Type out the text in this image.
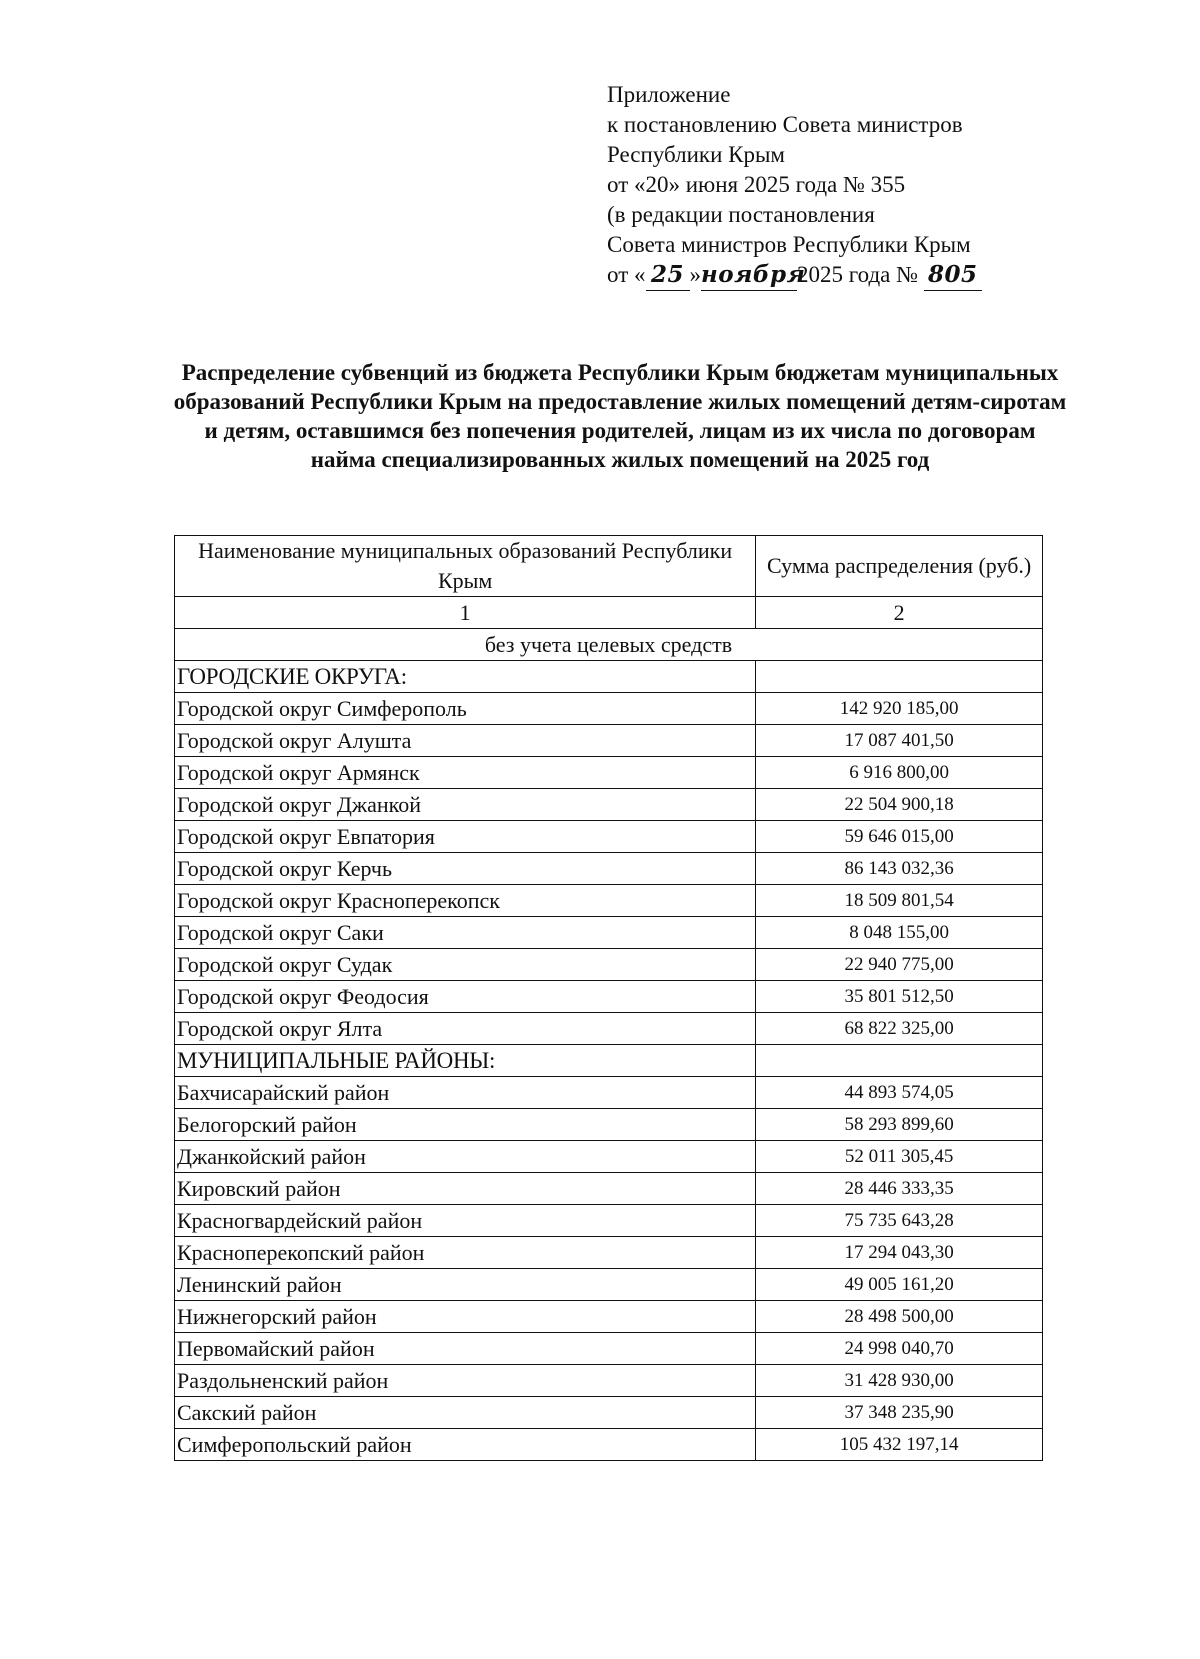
Приложение
к постановлению Совета министров
Республики Крым
от «20» июня 2025 года № 355
(в редакции постановления
Совета министров Республики Крым
от « 25 »ноября2025 года № 805
Распределение субвенций из бюджета Республики Крым бюджетам муниципальных образований Республики Крым на предоставление жилых помещений детям-сиротам и детям, оставшимся без попечения родителей, лицам из их числа по договорам найма специализированных жилых помещений на 2025 год
Наименование муниципальных образований Республики Крым	Сумма распределения (руб.)
1	2
без учета целевых средств	
ГОРОДСКИЕ ОКРУГА:	
Городской округ Симферополь	142 920 185,00
Городской округ Алушта	17 087 401,50
Городской округ Армянск	6 916 800,00
Городской округ Джанкой	22 504 900,18
Городской округ Евпатория	59 646 015,00
Городской округ Керчь	86 143 032,36
Городской округ Красноперекопск	18 509 801,54
Городской округ Саки	8 048 155,00
Городской округ Судак	22 940 775,00
Городской округ Феодосия	35 801 512,50
Городской округ Ялта	68 822 325,00
МУНИЦИПАЛЬНЫЕ РАЙОНЫ:	
Бахчисарайский район	44 893 574,05
Белогорский район	58 293 899,60
Джанкойский район	52 011 305,45
Кировский район	28 446 333,35
Красногвардейский район	75 735 643,28
Красноперекопский район	17 294 043,30
Ленинский район	49 005 161,20
Нижнегорский район	28 498 500,00
Первомайский район	24 998 040,70
Раздольненский район	31 428 930,00
Сакский район	37 348 235,90
Симферопольский район	105 432 197,14
